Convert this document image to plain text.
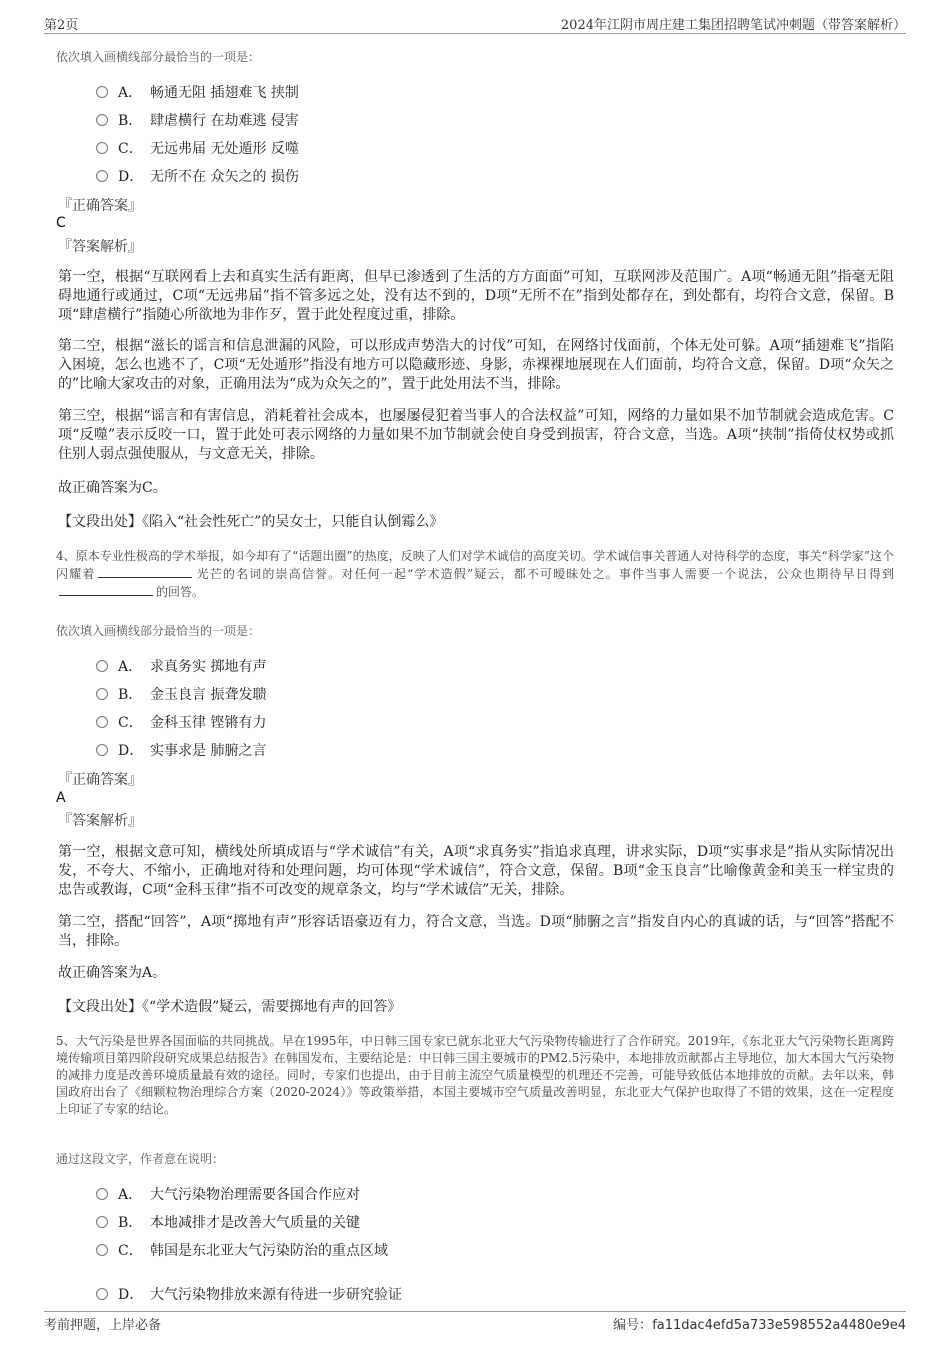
第2页	2024年江阴市周庄建工集团招聘笔试冲刺题（带答案解析）
依次填入画横线部分最恰当的一项是：
A． 畅通无阻 插翅难飞 挟制
B． 肆虐横行 在劫难逃 侵害
C． 无远弗届 无处遁形 反噬
D． 无所不在 众矢之的 损伤
『正确答案』
C
『答案解析』
第一空，根据“互联网看上去和真实生活有距离，但早已渗透到了生活的方方面面”可知，互联网涉及范围广。A项“畅通无阻”指毫无阻碍地通行或通过，C项“无远弗届”指不管多远之处，没有达不到的，D项“无所不在”指到处都存在，到处都有，均符合文意，保留。B项“肆虐横行”指随心所欲地为非作歹，置于此处程度过重，排除。
第二空，根据“滋长的谣言和信息泄漏的风险，可以形成声势浩大的讨伐”可知，在网络讨伐面前，个体无处可躲。A项“插翅难飞”指陷入困境，怎么也逃不了，C项“无处遁形”指没有地方可以隐藏形迹、身影，赤裸裸地展现在人们面前，均符合文意，保留。D项“众矢之的”比喻大家攻击的对象，正确用法为“成为众矢之的”，置于此处用法不当，排除。
第三空，根据“谣言和有害信息，消耗着社会成本，也屡屡侵犯着当事人的合法权益”可知，网络的力量如果不加节制就会造成危害。C项“反噬”表示反咬一口，置于此处可表示网络的力量如果不加节制就会使自身受到损害，符合文意，当选。A项“挟制”指倚仗权势或抓住别人弱点强使服从，与文意无关，排除。
故正确答案为C。
【文段出处】《陷入“社会性死亡”的吴女士，只能自认倒霉么》
4、原本专业性极高的学术举报，如今却有了“话题出圈”的热度，反映了人们对学术诚信的高度关切。学术诚信事关普通人对待科学的态度，事关“科学家”这个闪耀着	光芒的名词的崇高信誉。对任何一起“学术造假”疑云，都不可暧昧处之。事件当事人需要一个说法，公众也期待早日得到的回答。
依次填入画横线部分最恰当的一项是：
A． 求真务实 掷地有声
B． 金玉良言 振聋发聩
C． 金科玉律 铿锵有力
D． 实事求是 肺腑之言
『正确答案』
A
『答案解析』
第一空，根据文意可知，横线处所填成语与“学术诚信”有关，A项“求真务实”指追求真理，讲求实际，D项“实事求是”指从实际情况出发，不夸大、不缩小，正确地对待和处理问题，均可体现“学术诚信”，符合文意，保留。B项“金玉良言”比喻像黄金和美玉一样宝贵的忠告或教诲，C项“金科玉律”指不可改变的规章条文，均与“学术诚信”无关，排除。
第二空，搭配“回答”，A项“掷地有声”形容话语豪迈有力，符合文意，当选。D项“肺腑之言”指发自内心的真诚的话，与“回答”搭配不当，排除。
故正确答案为A。
【文段出处】《“学术造假”疑云，需要掷地有声的回答》
5、大气污染是世界各国面临的共同挑战。早在1995年，中日韩三国专家已就东北亚大气污染物传输进行了合作研究。2019年，《东北亚大气污染物长距离跨境传输项目第四阶段研究成果总结报告》在韩国发布，主要结论是：中日韩三国主要城市的PM2.5污染中，本地排放贡献都占主导地位，加大本国大气污染物的减排力度是改善环境质量最有效的途径。同时，专家们也提出，由于目前主流空气质量模型的机理还不完善，可能导致低估本地排放的贡献。去年以来，韩国政府出台了《细颗粒物治理综合方案（2020-2024）》等政策举措，本国主要城市空气质量改善明显，东北亚大气保护也取得了不错的效果，这在一定程度上印证了专家的结论。
通过这段文字，作者意在说明：
A． 大气污染物治理需要各国合作应对
B． 本地减排才是改善大气质量的关键
C． 韩国是东北亚大气污染防治的重点区域
D． 大气污染物排放来源有待进一步研究验证
考前押题，上岸必备	编号：fa11dac4efd5a733e598552a4480e9e4
